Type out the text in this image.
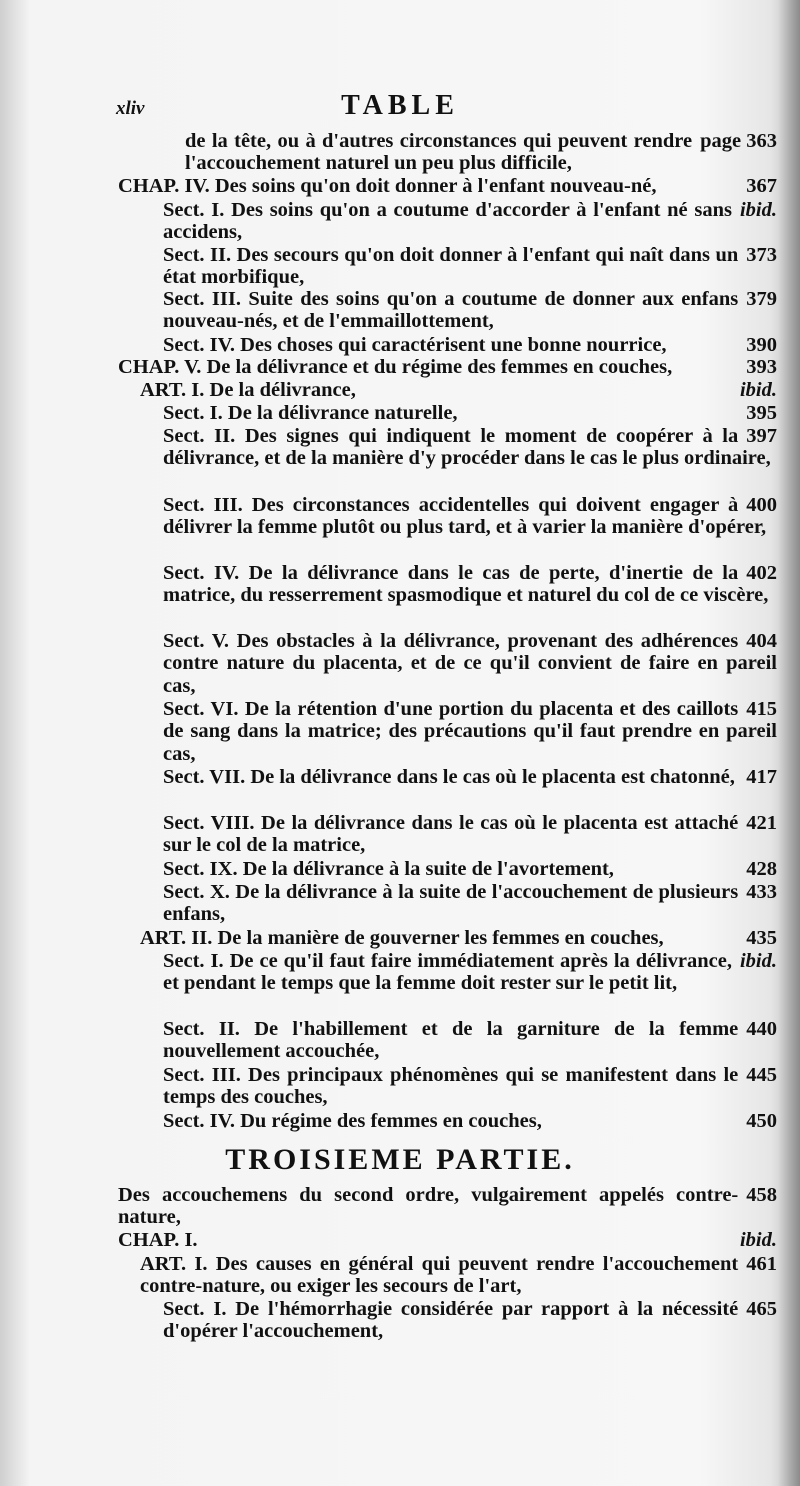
xliv	TABLE
page 363
de la tête, ou à d'autres circonstances qui peuvent rendre l'accouchement naturel un peu plus difficile,
367
CHAP. IV. Des soins qu'on doit donner à l'enfant nouveau-né,
ibid.
Sect. I. Des soins qu'on a coutume d'accorder à l'enfant né sans accidens,
373
Sect. II. Des secours qu'on doit donner à l'enfant qui naît dans un état morbifique,
379
Sect. III. Suite des soins qu'on a coutume de donner aux enfans nouveau-nés, et de l'emmaillottement,
390
Sect. IV. Des choses qui caractérisent une bonne nourrice,
393
CHAP. V. De la délivrance et du régime des femmes en couches,
ibid.
ART. I. De la délivrance,
395
Sect. I. De la délivrance naturelle,
397
Sect. II. Des signes qui indiquent le moment de coopérer à la délivrance, et de la manière d'y procéder dans le cas le plus ordinaire,
400
Sect. III. Des circonstances accidentelles qui doivent engager à délivrer la femme plutôt ou plus tard, et à varier la manière d'opérer,
402
Sect. IV. De la délivrance dans le cas de perte, d'inertie de la matrice, du resserrement spasmodique et naturel du col de ce viscère,
404
Sect. V. Des obstacles à la délivrance, provenant des adhérences contre nature du placenta, et de ce qu'il convient de faire en pareil cas,
415
Sect. VI. De la rétention d'une portion du placenta et des caillots de sang dans la matrice; des précautions qu'il faut prendre en pareil cas,
417
Sect. VII. De la délivrance dans le cas où le placenta est chatonné,
421
Sect. VIII. De la délivrance dans le cas où le placenta est attaché sur le col de la matrice,
428
Sect. IX. De la délivrance à la suite de l'avortement,
433
Sect. X. De la délivrance à la suite de l'accouchement de plusieurs enfans,
435
ART. II. De la manière de gouverner les femmes en couches,
ibid.
Sect. I. De ce qu'il faut faire immédiatement après la délivrance, et pendant le temps que la femme doit rester sur le petit lit,
440
Sect. II. De l'habillement et de la garniture de la femme nouvellement accouchée,
445
Sect. III. Des principaux phénomènes qui se manifestent dans le temps des couches,
450
Sect. IV. Du régime des femmes en couches,
TROISIEME PARTIE.
458
Des accouchemens du second ordre, vulgairement appelés contre-nature,
ibid.
CHAP. I.
461
ART. I. Des causes en général qui peuvent rendre l'accouchement contre-nature, ou exiger les secours de l'art,
465
Sect. I. De l'hémorrhagie considérée par rapport à la nécessité d'opérer l'accouchement,
